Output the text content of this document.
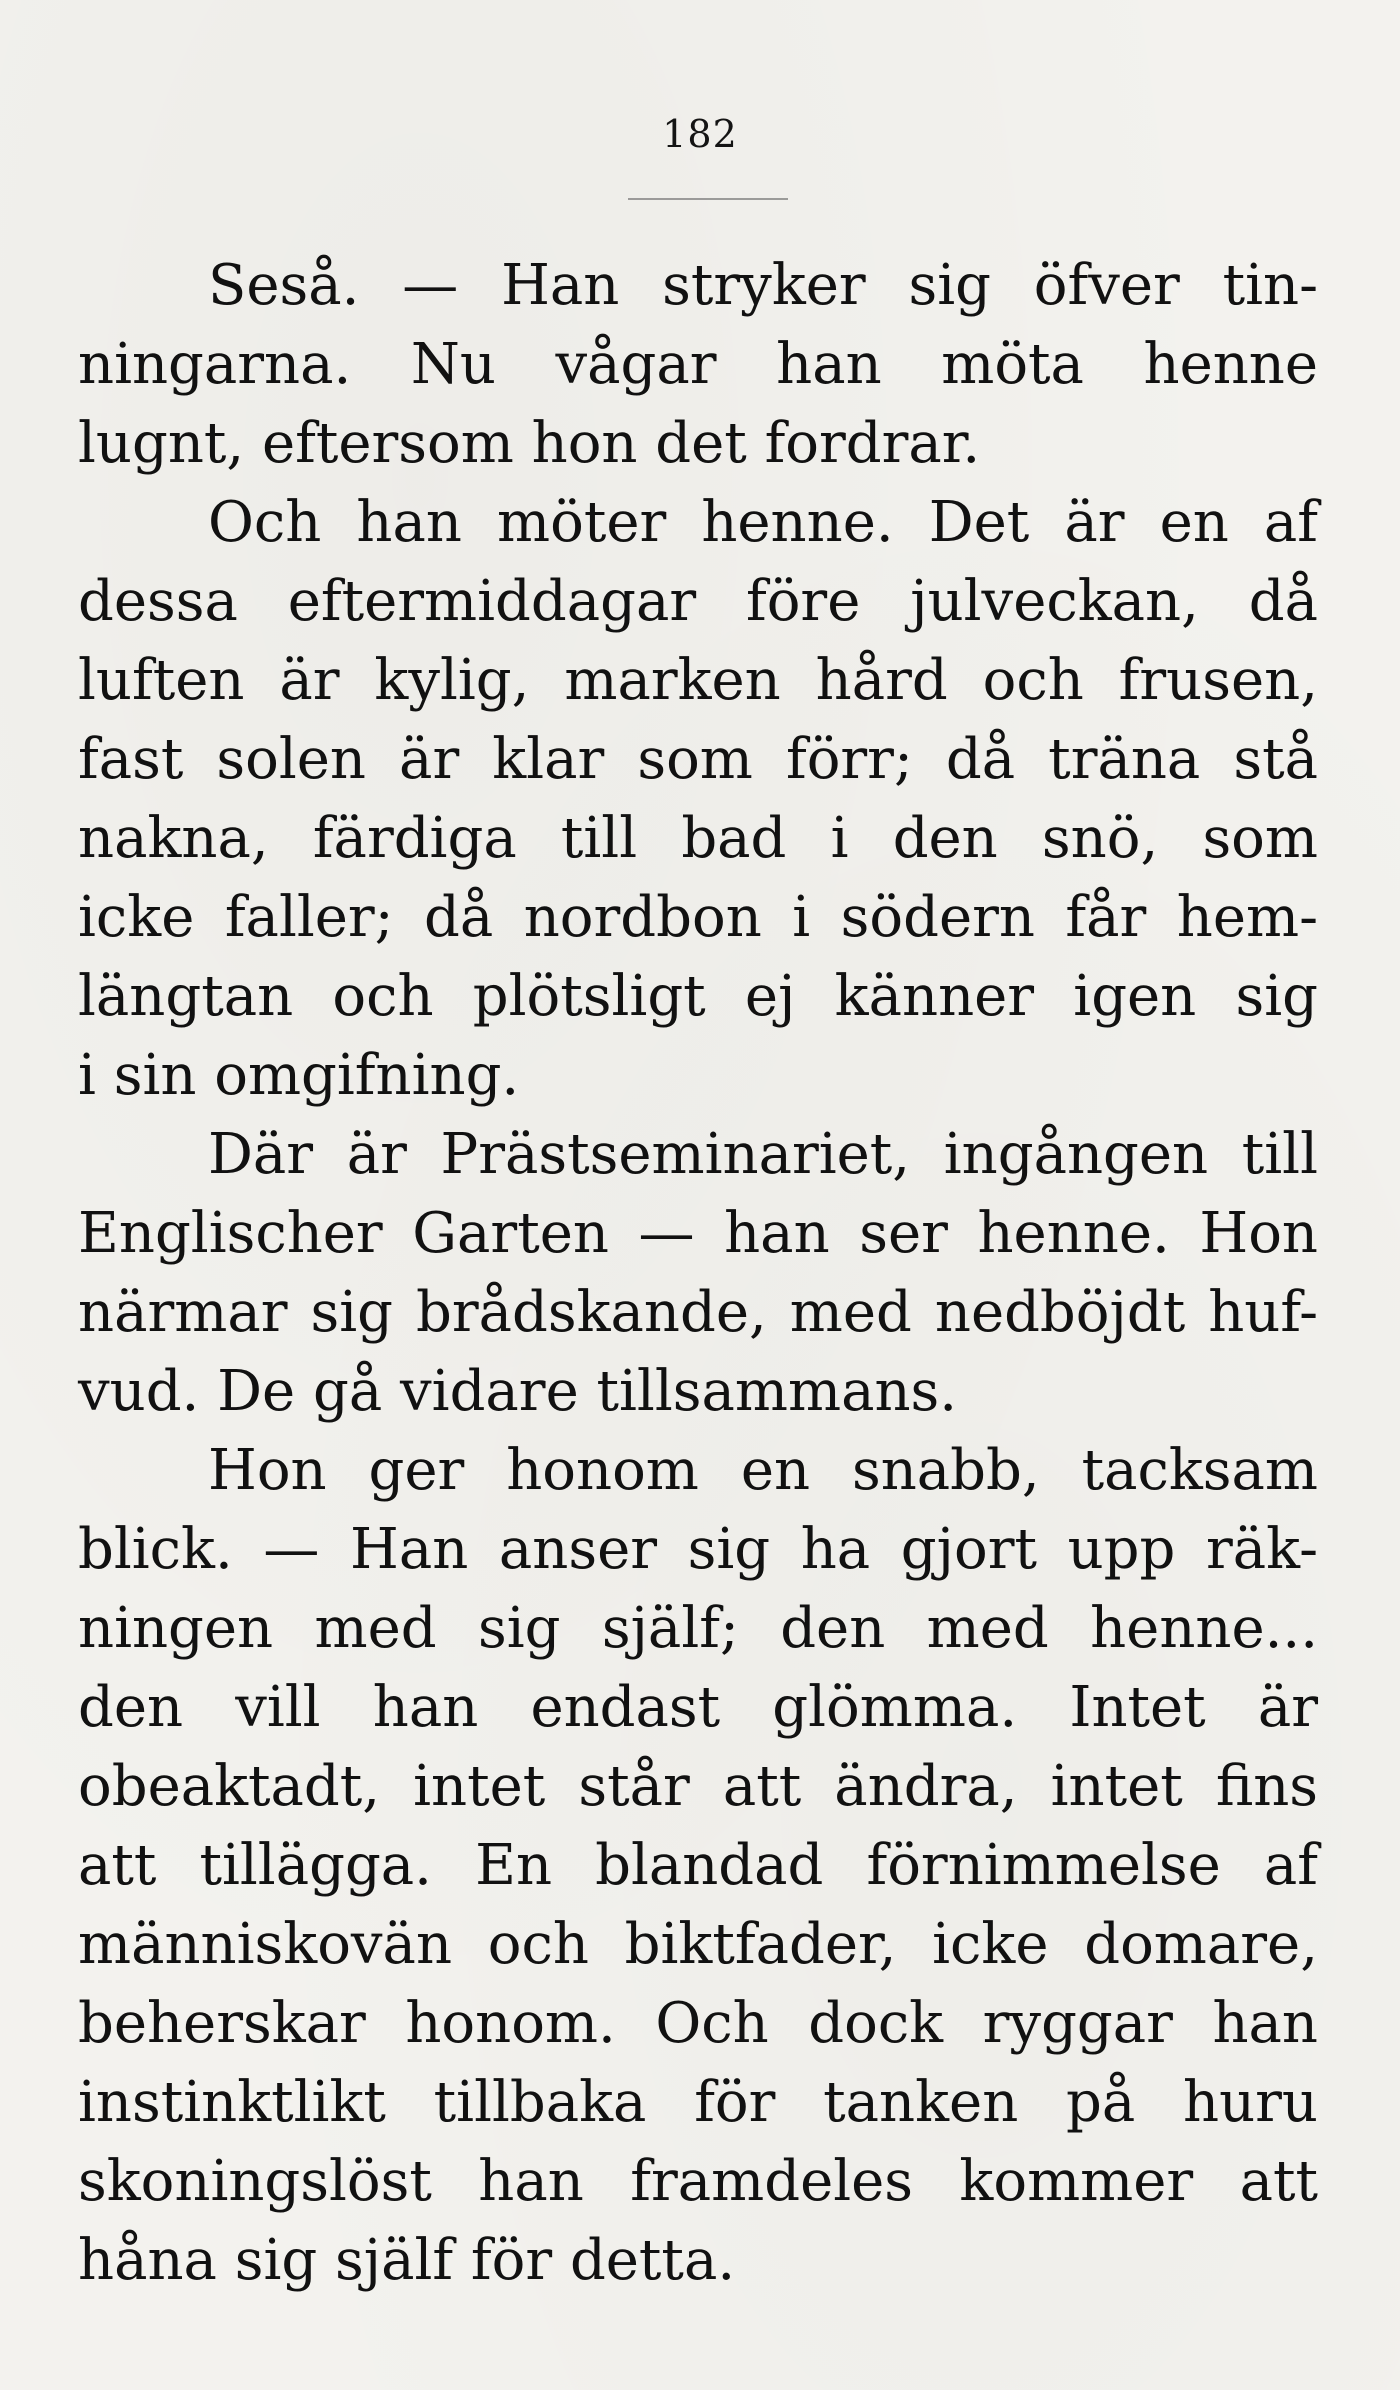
182
Seså. — Han stryker sig öfver tin-
ningarna. Nu vågar han möta henne
lugnt, eftersom hon det fordrar.
Och han möter henne. Det är en af
dessa eftermiddagar före julveckan, då
luften är kylig, marken hård och frusen,
fast solen är klar som förr; då träna stå
nakna, färdiga till bad i den snö, som
icke faller; då nordbon i södern får hem-
längtan och plötsligt ej känner igen sig
i sin omgifning.
Där är Prästseminariet, ingången till
Englischer Garten — han ser henne. Hon
närmar sig brådskande, med nedböjdt huf-
vud. De gå vidare tillsammans.
Hon ger honom en snabb, tacksam
blick. — Han anser sig ha gjort upp räk-
ningen med sig själf; den med henne...
den vill han endast glömma. Intet är
obeaktadt, intet står att ändra, intet fins
att tillägga. En blandad förnimmelse af
människovän och biktfader, icke domare,
beherskar honom. Och dock ryggar han
instinktlikt tillbaka för tanken på huru
skoningslöst han framdeles kommer att
håna sig själf för detta.
